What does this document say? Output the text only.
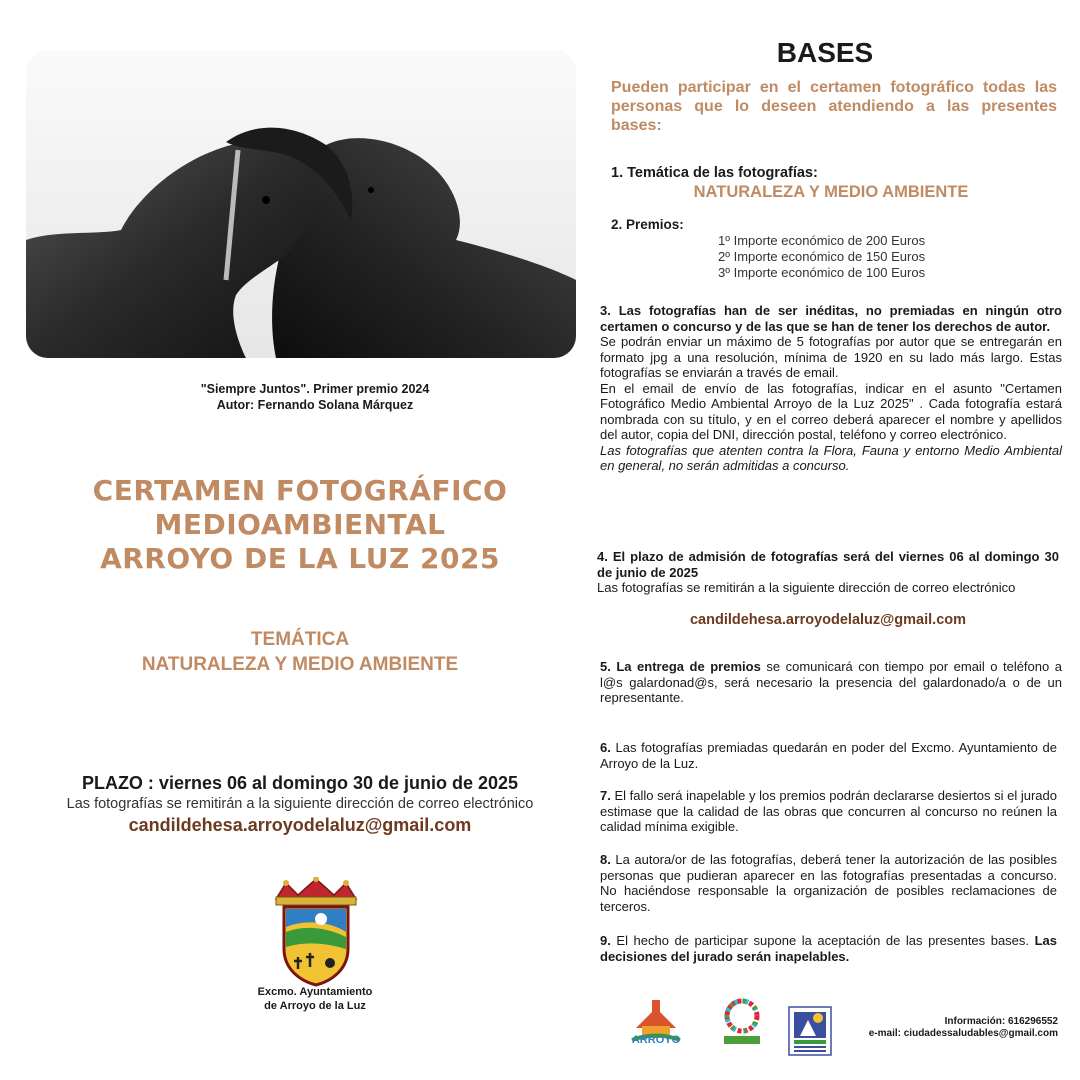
"Siempre Juntos". Primer premio 2024
Autor: Fernando Solana Márquez
CERTAMEN FOTOGRÁFICO
MEDIOAMBIENTAL
ARROYO DE LA LUZ 2025
TEMÁTICA
NATURALEZA Y MEDIO AMBIENTE
PLAZO : viernes 06 al domingo 30 de junio de 2025
Las fotografías se remitirán a la siguiente dirección de correo electrónico
candildehesa.arroyodelaluz@gmail.com
Excmo. Ayuntamiento
de Arroyo de la Luz
BASES
Pueden participar en el certamen fotográfico todas las personas que lo deseen atendiendo a las presentes bases:
1. Temática de las fotografías:
NATURALEZA Y MEDIO AMBIENTE
2. Premios:
1º Importe económico de 200 Euros
2º Importe económico de 150 Euros
3º Importe económico de 100 Euros
3. Las fotografías han de ser inéditas, no premiadas en ningún otro certamen o concurso y de las que se han de tener los derechos de autor.
Se podrán enviar un máximo de 5 fotografías por autor que se entregarán en formato jpg a una resolución, mínima de 1920 en su lado más largo. Estas fotografías se enviarán a través de email.
En el email de envío de las fotografías, indicar en el asunto "Certamen Fotográfico Medio Ambiental Arroyo de la Luz 2025" . Cada fotografía estará nombrada con su título, y en el correo deberá aparecer el nombre y apellidos del autor, copia del DNI, dirección postal, teléfono y correo electrónico.
Las fotografías que atenten contra la Flora, Fauna y entorno Medio Ambiental en general, no serán admitidas a concurso.
4. El plazo de admisión de fotografías será del viernes 06 al domingo 30 de junio de 2025
Las fotografías se remitirán a la siguiente dirección de correo electrónico
candildehesa.arroyodelaluz@gmail.com
5. La entrega de premios se comunicará con tiempo por email o teléfono a l@s galardonad@s, será necesario la presencia del galardonado/a o de un representante.
6. Las fotografías premiadas quedarán en poder del Excmo. Ayuntamiento de Arroyo de la Luz.
7. El fallo será inapelable y los premios podrán declararse desiertos si el jurado estimase que la calidad de las obras que concurren al concurso no reúnen la calidad mínima exigible.
8. La autora/or de las fotografías, deberá tener la autorización de las posibles personas que pudieran aparecer en las fotografías presentadas a concurso. No haciéndose responsable la organización de posibles reclamaciones de terceros.
9. El hecho de participar supone la aceptación de las presentes bases. Las decisiones del jurado serán inapelables.
ARROYO
Información: 616296552
e-mail: ciudadessaludables@gmail.com
